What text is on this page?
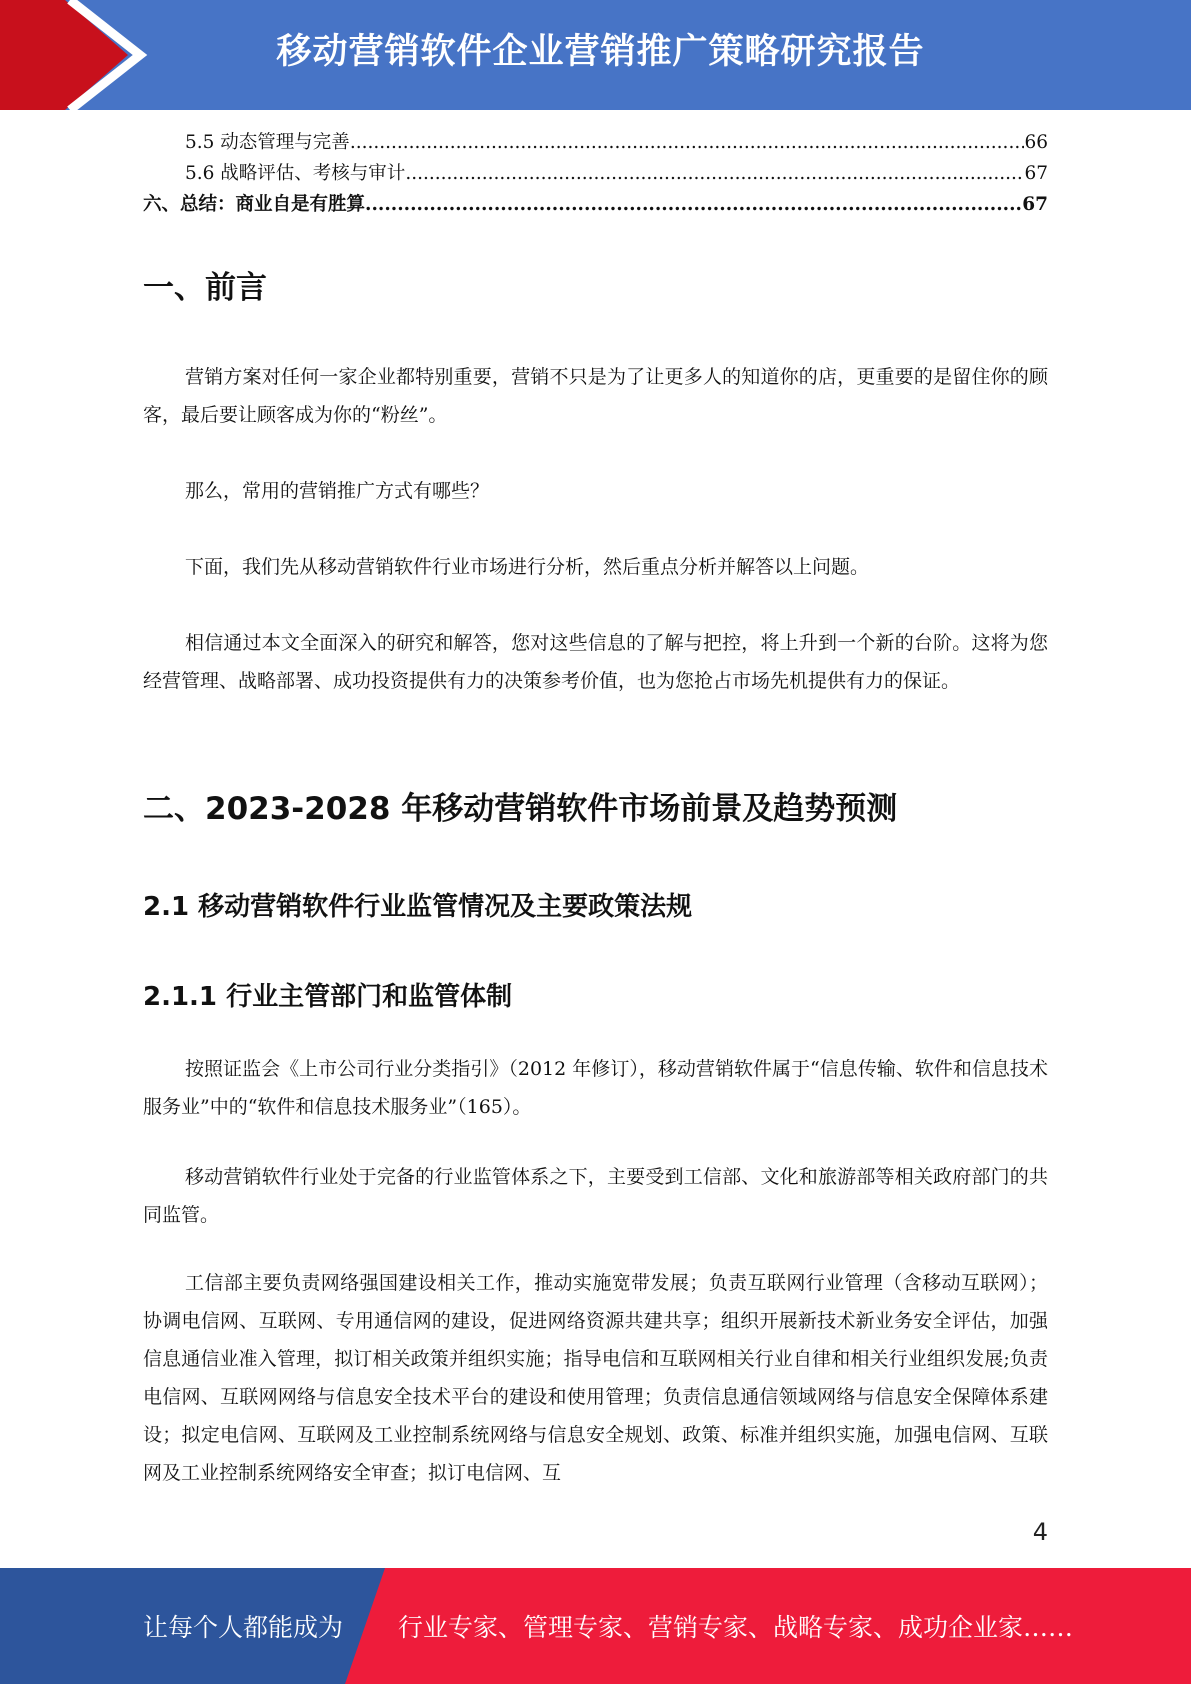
移动营销软件企业营销推广策略研究报告
5.5 动态管理与完善 .....	66
5.6 战略评估、考核与审计 .....	67
六、总结：商业自是有胜算 .....	67
一、前言

营销方案对任何一家企业都特别重要，营销不只是为了让更多人的知道你的店，更重要的是留住你的顾客，最后要让顾客成为你的“粉丝”。

那么，常用的营销推广方式有哪些？

下面，我们先从移动营销软件行业市场进行分析，然后重点分析并解答以上问题。

相信通过本文全面深入的研究和解答，您对这些信息的了解与把控，将上升到一个新的台阶。这将为您经营管理、战略部署、成功投资提供有力的决策参考价值，也为您抢占市场先机提供有力的保证。

二、2023-2028 年移动营销软件市场前景及趋势预测
2.1 移动营销软件行业监管情况及主要政策法规
2.1.1 行业主管部门和监管体制

按照证监会《上市公司行业分类指引》（2012 年修订），移动营销软件属于“信息传输、软件和信息技术服务业”中的“软件和信息技术服务业”（165）。

移动营销软件行业处于完备的行业监管体系之下，主要受到工信部、文化和旅游部等相关政府部门的共同监管。

工信部主要负责网络强国建设相关工作，推动实施宽带发展；负责互联网行业管理（含移动互联网）；协调电信网、互联网、专用通信网的建设，促进网络资源共建共享；组织开展新技术新业务安全评估，加强信息通信业准入管理，拟订相关政策并组织实施；指导电信和互联网相关行业自律和相关行业组织发展;负责电信网、互联网网络与信息安全技术平台的建设和使用管理；负责信息通信领域网络与信息安全保障体系建设；拟定电信网、互联网及工业控制系统网络与信息安全规划、政策、标准并组织实施，加强电信网、互联网及工业控制系统网络安全审查；拟订电信网、互

4
让每个人都能成为 行业专家、管理专家、营销专家、战略专家、成功企业家……
